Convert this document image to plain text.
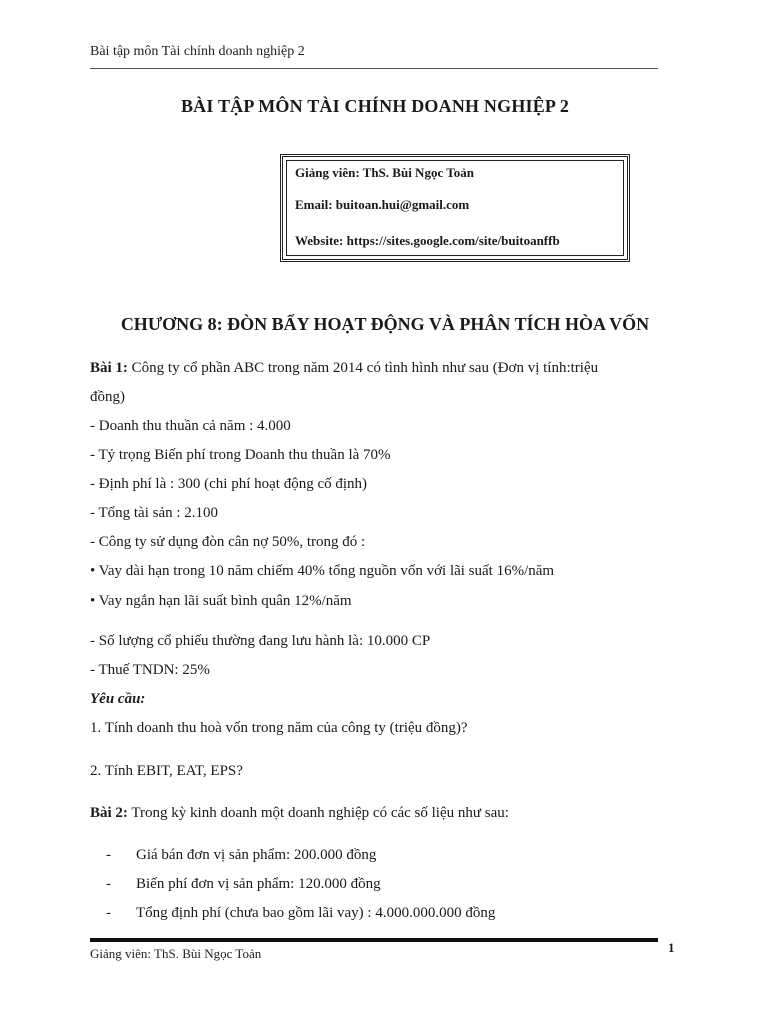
Bài tập môn Tài chính doanh nghiệp 2
BÀI TẬP MÔN TÀI CHÍNH DOANH NGHIỆP 2
Giảng viên: ThS. Bùi Ngọc Toản
Email: buitoan.hui@gmail.com
Website: https://sites.google.com/site/buitoanffb
CHƯƠNG 8: ĐÒN BẨY HOẠT ĐỘNG VÀ PHÂN TÍCH HÒA VỐN
Bài 1: Công ty cổ phần ABC trong năm 2014 có tình hình như sau (Đơn vị tính:triệu
đồng)
- Doanh thu thuần cả năm : 4.000
- Tỷ trọng Biến phí trong Doanh thu thuần là 70%
- Định phí là : 300 (chi phí hoạt động cố định)
- Tổng tài sản : 2.100
- Công ty sử dụng đòn cân nợ 50%, trong đó :
• Vay dài hạn trong 10 năm chiếm 40% tổng nguồn vốn với lãi suất 16%/năm
• Vay ngắn hạn lãi suất bình quân 12%/năm
- Số lượng cổ phiếu thường đang lưu hành là: 10.000 CP
- Thuế TNDN: 25%
Yêu cầu:
1. Tính doanh thu hoà vốn trong năm của công ty (triệu đồng)?
2. Tính EBIT, EAT, EPS?
Bài 2: Trong kỳ kinh doanh một doanh nghiệp có các số liệu như sau:
- Giá bán đơn vị sản phẩm: 200.000 đồng
- Biến phí đơn vị sản phẩm: 120.000 đồng
- Tổng định phí (chưa bao gồm lãi vay) : 4.000.000.000 đồng
Giảng viên: ThS. Bùi Ngọc Toản	1
